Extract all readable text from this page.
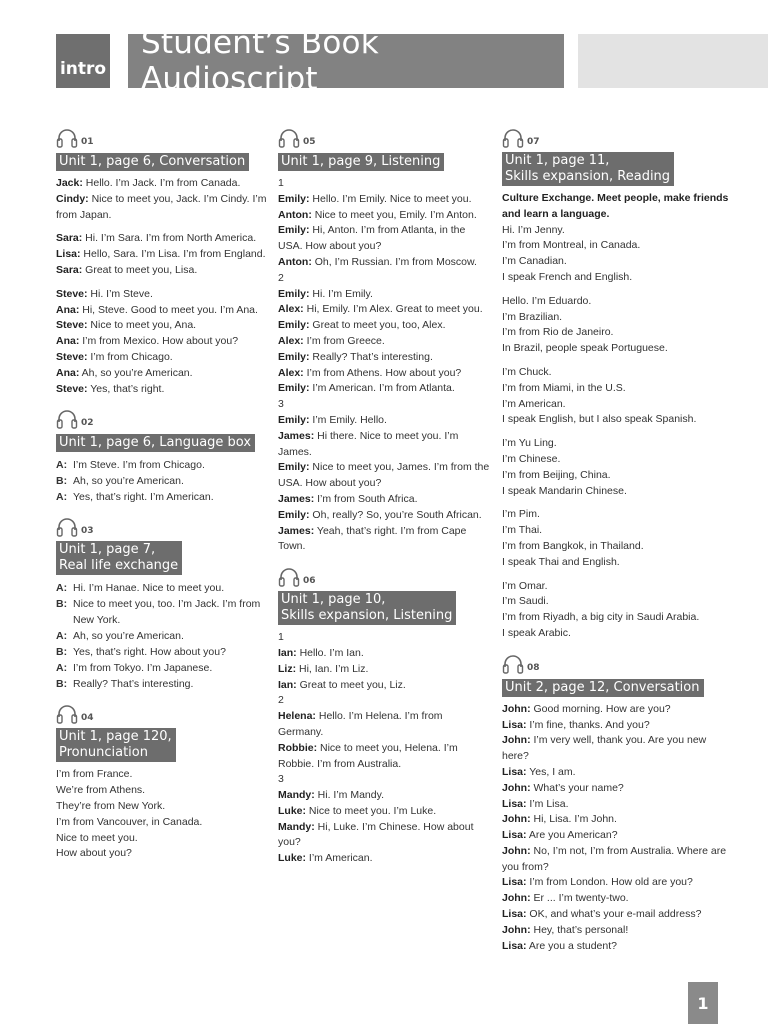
intro
Student’s Book Audioscript
01
Unit 1, page 6, Conversation
Jack: Hello. I’m Jack. I’m from Canada.
Cindy: Nice to meet you, Jack. I’m Cindy. I’m from Japan.
Sara: Hi. I’m Sara. I’m from North America.
Lisa: Hello, Sara. I’m Lisa. I’m from England.
Sara: Great to meet you, Lisa.
Steve: Hi. I’m Steve.
Ana: Hi, Steve. Good to meet you. I’m Ana.
Steve: Nice to meet you, Ana.
Ana: I’m from Mexico. How about you?
Steve: I’m from Chicago.
Ana: Ah, so you’re American.
Steve: Yes, that’s right.
02
Unit 1, page 6, Language box
A: I’m Steve. I’m from Chicago.
B: Ah, so you’re American.
A: Yes, that’s right. I’m American.
03
Unit 1, page 7,
Real life exchange
A: Hi. I’m Hanae. Nice to meet you.
B: Nice to meet you, too. I’m Jack. I’m from New York.
A: Ah, so you’re American.
B: Yes, that’s right. How about you?
A: I’m from Tokyo. I’m Japanese.
B: Really? That’s interesting.
04
Unit 1, page 120,
Pronunciation
I’m from France.
We’re from Athens.
They’re from New York.
I’m from Vancouver, in Canada.
Nice to meet you.
How about you?
05
Unit 1, page 9, Listening
1
Emily: Hello. I’m Emily. Nice to meet you.
Anton: Nice to meet you, Emily. I’m Anton.
Emily: Hi, Anton. I’m from Atlanta, in the USA. How about you?
Anton: Oh, I’m Russian. I’m from Moscow.
2
Emily: Hi. I’m Emily.
Alex: Hi, Emily. I’m Alex. Great to meet you.
Emily: Great to meet you, too, Alex.
Alex: I’m from Greece.
Emily: Really? That’s interesting.
Alex: I’m from Athens. How about you?
Emily: I’m American. I’m from Atlanta.
3
Emily: I’m Emily. Hello.
James: Hi there. Nice to meet you. I’m James.
Emily: Nice to meet you, James. I’m from the USA. How about you?
James: I’m from South Africa.
Emily: Oh, really? So, you’re South African.
James: Yeah, that’s right. I’m from Cape Town.
06
Unit 1, page 10,
Skills expansion, Listening
1
Ian: Hello. I’m Ian.
Liz: Hi, Ian. I’m Liz.
Ian: Great to meet you, Liz.
2
Helena: Hello. I’m Helena. I’m from Germany.
Robbie: Nice to meet you, Helena. I’m Robbie. I’m from Australia.
3
Mandy: Hi. I’m Mandy.
Luke: Nice to meet you. I’m Luke.
Mandy: Hi, Luke. I’m Chinese. How about you?
Luke: I’m American.
07
Unit 1, page 11,
Skills expansion, Reading
Culture Exchange. Meet people, make friends and learn a language.
Hi. I’m Jenny.
I’m from Montreal, in Canada.
I’m Canadian.
I speak French and English.
Hello. I’m Eduardo.
I’m Brazilian.
I’m from Rio de Janeiro.
In Brazil, people speak Portuguese.
I’m Chuck.
I’m from Miami, in the U.S.
I’m American.
I speak English, but I also speak Spanish.
I’m Yu Ling.
I’m Chinese.
I’m from Beijing, China.
I speak Mandarin Chinese.
I’m Pim.
I’m Thai.
I’m from Bangkok, in Thailand.
I speak Thai and English.
I’m Omar.
I’m Saudi.
I’m from Riyadh, a big city in Saudi Arabia.
I speak Arabic.
08
Unit 2, page 12, Conversation
John: Good morning. How are you?
Lisa: I’m fine, thanks. And you?
John: I’m very well, thank you. Are you new here?
Lisa: Yes, I am.
John: What’s your name?
Lisa: I’m Lisa.
John: Hi, Lisa. I’m John.
Lisa: Are you American?
John: No, I’m not, I’m from Australia. Where are you from?
Lisa: I’m from London. How old are you?
John: Er ... I’m twenty-two.
Lisa: OK, and what’s your e-mail address?
John: Hey, that’s personal!
Lisa: Are you a student?
1
